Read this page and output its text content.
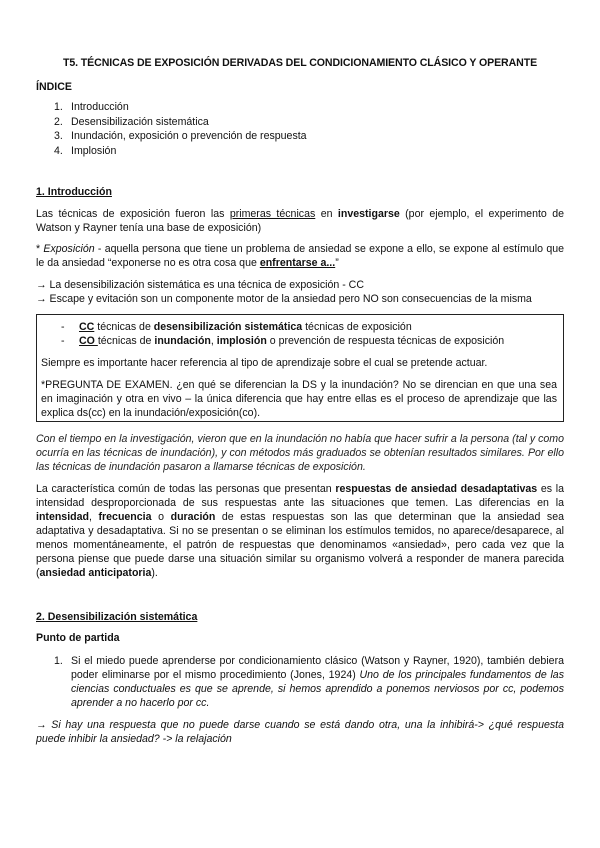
T5. TÉCNICAS DE EXPOSICIÓN DERIVADAS DEL CONDICIONAMIENTO CLÁSICO Y OPERANTE
ÍNDICE
1. Introducción
2. Desensibilización sistemática
3. Inundación, exposición o prevención de respuesta
4. Implosión
1. Introducción
Las técnicas de exposición fueron las primeras técnicas en investigarse (por ejemplo, el experimento de Watson y Rayner tenía una base de exposición)
* Exposición - aquella persona que tiene un problema de ansiedad se expone a ello, se expone al estímulo que le da ansiedad “exponerse no es otra cosa que enfrentarse a...”
→ La desensibilización sistemática es una técnica de exposición - CC
→ Escape y evitación son un componente motor de la ansiedad pero NO son consecuencias de la misma
- CC técnicas de desensibilización sistemática técnicas de exposición
- CO técnicas de inundación, implosión o prevención de respuesta técnicas de exposición
Siempre es importante hacer referencia al tipo de aprendizaje sobre el cual se pretende actuar.
*PREGUNTA DE EXAMEN. ¿en qué se diferencian la DS y la inundación? No se direncian en que una sea en imaginación y otra en vivo – la única diferencia que hay entre ellas es el proceso de aprendizaje que las explica ds(cc) en la inundación/exposición(co).
Con el tiempo en la investigación, vieron que en la inundación no había que hacer sufrir a la persona (tal y como ocurría en las técnicas de inundación), y con métodos más graduados se obtenían resultados similares. Por ello las técnicas de inundación pasaron a llamarse técnicas de exposición.
La característica común de todas las personas que presentan respuestas de ansiedad desadaptativas es la intensidad desproporcionada de sus respuestas ante las situaciones que temen. Las diferencias en la intensidad, frecuencia o duración de estas respuestas son las que determinan que la ansiedad sea adaptativa y desadaptativa. Si no se presentan o se eliminan los estímulos temidos, no aparece/desaparece, al menos momentáneamente, el patrón de respuestas que denominamos «ansiedad», pero cada vez que la persona piense que puede darse una situación similar su organismo volverá a responder de manera parecida (ansiedad anticipatoria).
2. Desensibilización sistemática
Punto de partida
1. Si el miedo puede aprenderse por condicionamiento clásico (Watson y Rayner, 1920), también debiera poder eliminarse por el mismo procedimiento (Jones, 1924) Uno de los principales fundamentos de las ciencias conductuales es que se aprende, si hemos aprendido a ponemos nerviosos por cc, podemos aprender a no hacerlo por cc.
→ Si hay una respuesta que no puede darse cuando se está dando otra, una la inhibirá-> ¿qué respuesta puede inhibir la ansiedad? -> la relajación
